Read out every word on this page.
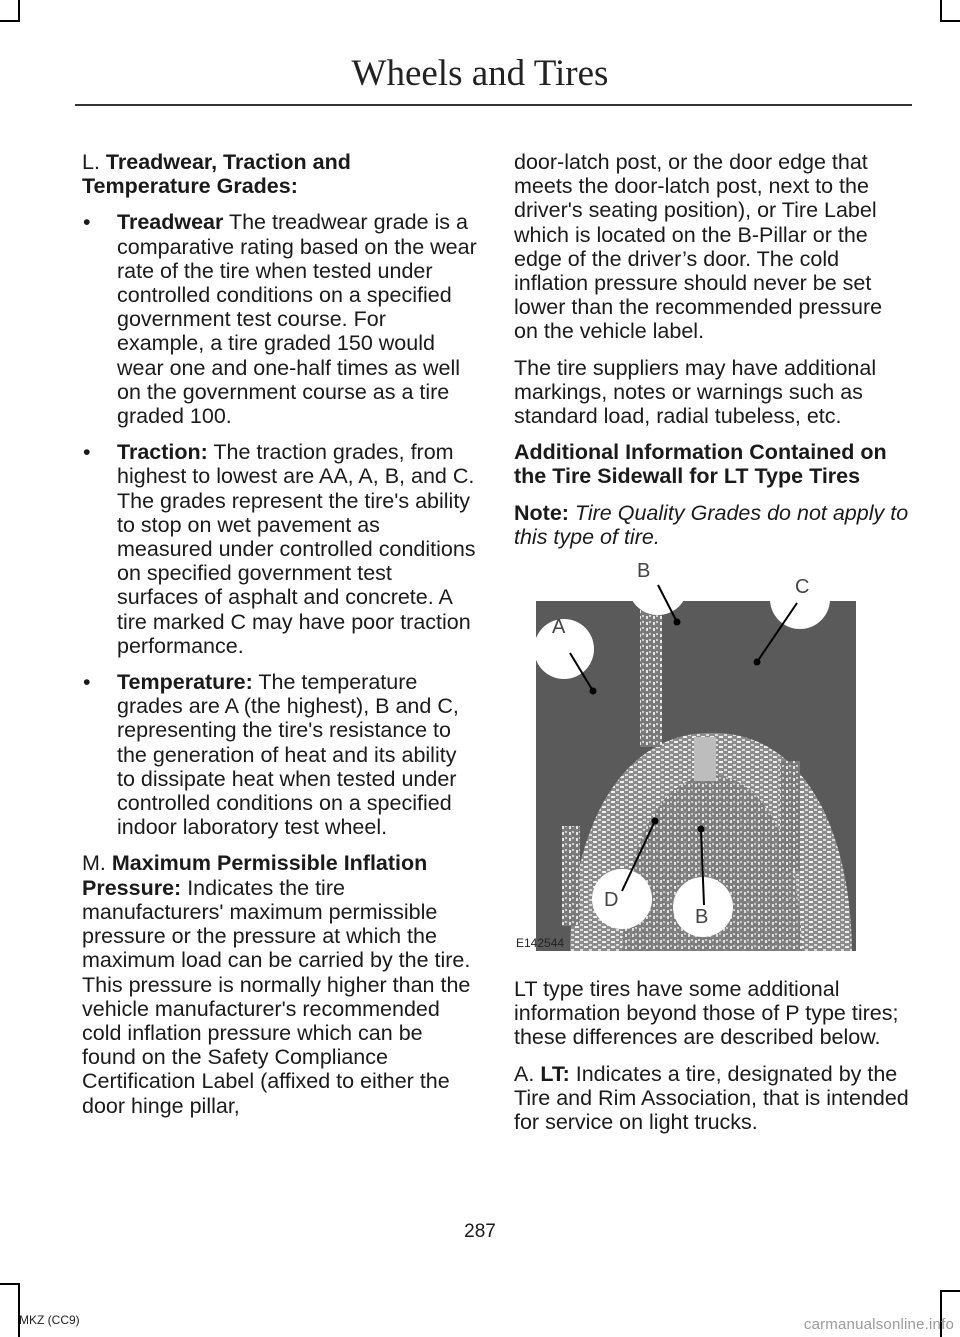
Wheels and Tires

L. Treadwear, Traction and Temperature Grades:

• Treadwear The treadwear grade is a comparative rating based on the wear rate of the tire when tested under controlled conditions on a specified government test course. For example, a tire graded 150 would wear one and one-half times as well on the government course as a tire graded 100.
• Traction: The traction grades, from highest to lowest are AA, A, B, and C. The grades represent the tire's ability to stop on wet pavement as measured under controlled conditions on specified government test surfaces of asphalt and concrete. A tire marked C may have poor traction performance.
• Temperature: The temperature grades are A (the highest), B and C, representing the tire's resistance to the generation of heat and its ability to dissipate heat when tested under controlled conditions on a specified indoor laboratory test wheel.

M. Maximum Permissible Inflation Pressure: Indicates the tire manufacturers' maximum permissible pressure or the pressure at which the maximum load can be carried by the tire. This pressure is normally higher than the vehicle manufacturer's recommended cold inflation pressure which can be found on the Safety Compliance Certification Label (affixed to either the door hinge pillar,

door-latch post, or the door edge that meets the door-latch post, next to the driver's seating position), or Tire Label which is located on the B-Pillar or the edge of the driver’s door. The cold inflation pressure should never be set lower than the recommended pressure on the vehicle label.

The tire suppliers may have additional markings, notes or warnings such as standard load, radial tubeless, etc.

Additional Information Contained on the Tire Sidewall for LT Type Tires

Note: Tire Quality Grades do not apply to this type of tire.

A
B
C
D
B
E142544

LT type tires have some additional information beyond those of P type tires; these differences are described below.

A. LT: Indicates a tire, designated by the Tire and Rim Association, that is intended for service on light trucks.

287
MKZ (CC9)	carmanualsonline.info
